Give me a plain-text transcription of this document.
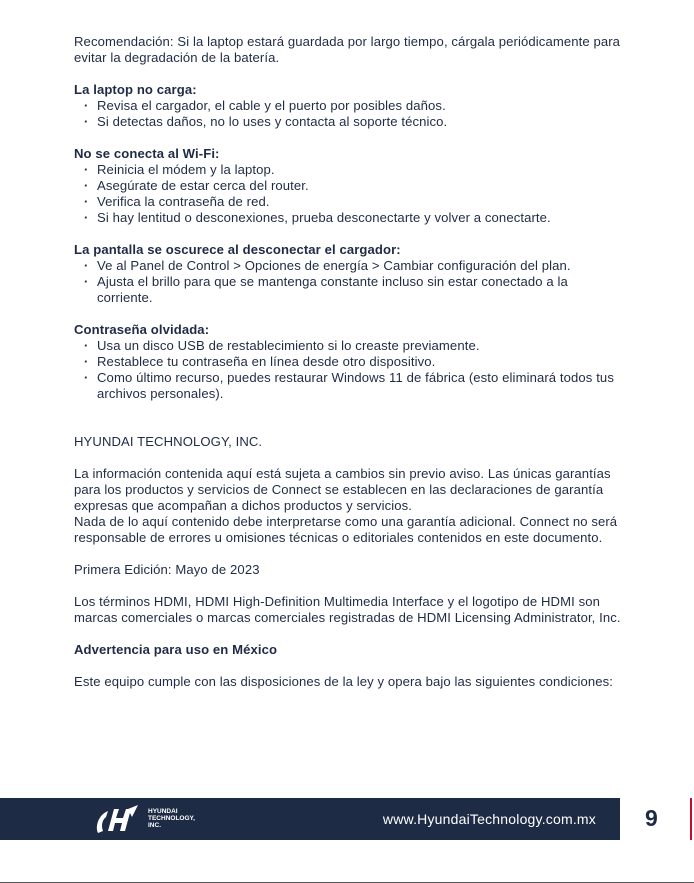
Recomendación: Si la laptop estará guardada por largo tiempo, cárgala periódicamente para evitar la degradación de la batería.

La laptop no carga:

· Revisa el cargador, el cable y el puerto por posibles daños.
· Si detectas daños, no lo uses y contacta al soporte técnico.

No se conecta al Wi-Fi:

· Reinicia el módem y la laptop.
· Asegúrate de estar cerca del router.
· Verifica la contraseña de red.
· Si hay lentitud o desconexiones, prueba desconectarte y volver a conectarte.

La pantalla se oscurece al desconectar el cargador:

· Ve al Panel de Control > Opciones de energía > Cambiar configuración del plan.
· Ajusta el brillo para que se mantenga constante incluso sin estar conectado a la corriente.

Contraseña olvidada:

· Usa un disco USB de restablecimiento si lo creaste previamente.
· Restablece tu contraseña en línea desde otro dispositivo.
· Como último recurso, puedes restaurar Windows 11 de fábrica (esto eliminará todos tus archivos personales).

HYUNDAI TECHNOLOGY, INC.

La información contenida aquí está sujeta a cambios sin previo aviso. Las únicas garantías para los productos y servicios de Connect se establecen en las declaraciones de garantía expresas que acompañan a dichos productos y servicios.

Nada de lo aquí contenido debe interpretarse como una garantía adicional. Connect no será responsable de errores u omisiones técnicas o editoriales contenidos en este documento.

Primera Edición: Mayo de 2023

Los términos HDMI, HDMI High-Definition Multimedia Interface y el logotipo de HDMI son marcas comerciales o marcas comerciales registradas de HDMI Licensing Administrator, Inc.

Advertencia para uso en México

Este equipo cumple con las disposiciones de la ley y opera bajo las siguientes condiciones:

HYUNDAI
TECHNOLOGY,
INC.	www.HyundaiTechnology.com.mx 9
